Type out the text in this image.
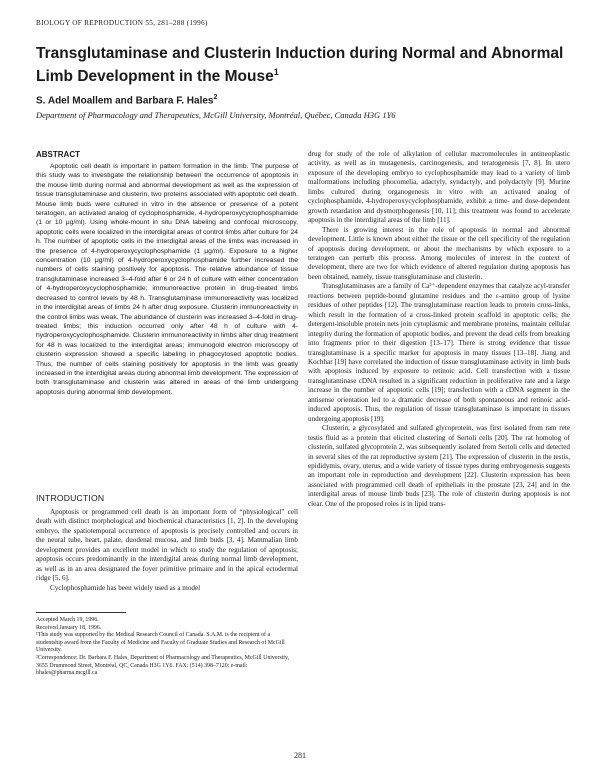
BIOLOGY OF REPRODUCTION 55, 281–288 (1996)
Transglutaminase and Clusterin Induction during Normal and Abnormal Limb Development in the Mouse$^1$
S. Adel Moallem and Barbara F. Hales$^2$
Department of Pharmacology and Therapeutics, McGill University, Montréal, Québec, Canada H3G 1Y6
ABSTRACT

Apoptotic cell death is important in pattern formation in the limb. The purpose of this study was to investigate the relationship between the occurrence of apoptosis in the mouse limb during normal and abnormal development as well as the expression of tissue transglutaminase and clusterin, two proteins associated with apoptotic cell death. Mouse limb buds were cultured in vitro in the absence or presence of a potent teratogen, an activated analog of cyclophosphamide, 4-hydroperoxycyclophosphamide (1 or 10 μg/ml). Using whole-mount in situ DNA labeling and confocal microscopy, apoptotic cells were localized in the interdigital areas of control limbs after culture for 24 h. The number of apoptotic cells in the interdigital areas of the limbs was increased in the presence of 4-hydroperoxycyclophosphamide (1 μg/ml). Exposure to a higher concentration (10 μg/ml) of 4-hydroperoxycyclophosphamide further increased the numbers of cells staining positively for apoptosis. The relative abundance of tissue transglutaminase increased 3–4-fold after 6 or 24 h of culture with either concentration of 4-hydroperoxycyclophosphamide; immunoreactive protein in drug-treated limbs decreased to control levels by 48 h. Transglutaminase immunoreactivity was localized in the interdigital areas of limbs 24 h after drug exposure. Clusterin immunoreactivity in the control limbs was weak. The abundance of clusterin was increased 3–4-fold in drug-treated limbs; this induction occurred only after 48 h of culture with 4-hydroperoxycyclophosphamide. Clusterin immunoreactivity in limbs after drug treatment for 48 h was localized to the interdigital areas; immunogold electron microscopy of clusterin expression showed a specific labeling in phagocytosed apoptotic bodies. Thus, the number of cells staining positively for apoptosis in the limb was greatly increased in the interdigital areas during abnormal limb development. The expression of both transglutaminase and clusterin was altered in areas of the limb undergoing apoptosis during abnormal limb development.

INTRODUCTION

Apoptosis or programmed cell death is an important form of “physiological” cell death with distinct morphological and biochemical characteristics [1, 2]. In the developing embryo, the spatiotemporal occurrence of apoptosis is precisely controlled and occurs in the neural tube, heart, palate, duodenal mucosa, and limb buds [3, 4]. Mammalian limb development provides an excellent model in which to study the regulation of apoptosis; apoptosis occurs predominantly in the interdigital areas during normal limb development, as well as in an area designated the foyer primitive primaire and in the apical ectodermal ridge [5, 6].

Cyclophosphamide has been widely used as a model

Accepted March 19, 1996.

Received January 18, 1996.

¹This study was supported by the Medical Research Council of Canada. S.A.M. is the recipient of a studentship award from the Faculty of Medicine and Faculty of Graduate Studies and Research of McGill University.

²Correspondence: Dr. Barbara F. Hales, Department of Pharmacology and Therapeutics, McGill University, 3655 Drummond Street, Montréal, QC, Canada H3G 1Y6. FAX: (514) 398–7120; e-mail: bhales@pharma.mcgill.ca

drug for study of the role of alkylation of cellular macromolecules in antineoplastic activity, as well as in mutagenesis, carcinogenesis, and teratogenesis [7, 8]. In utero exposure of the developing embryo to cyclophosphamide may lead to a variety of limb malformations including phocomelia, adactyly, syndactyly, and polydactyly [9]. Murine limbs cultured during organogenesis in vitro with an activated analog of cyclophosphamide, 4-hydroperoxycyclophosphamide, exhibit a time- and dose-dependent growth retardation and dysmorphogenesis [10, 11]; this treatment was found to accelerate apoptosis in the interdigital areas of the limb [11].

There is growing interest in the role of apoptosis in normal and abnormal development. Little is known about either the tissue or the cell specificity of the regulation of apoptosis during development, or about the mechanisms by which exposure to a teratogen can perturb this process. Among molecules of interest in the context of development, there are two for which evidence of altered regulation during apoptosis has been obtained, namely, tissue transglutaminase and clusterin.

Transglutaminases are a family of Ca²⁺-dependent enzymes that catalyze acyl-transfer reactions between peptide-bound glutamine residues and the ε-amino group of lysine residues of other peptides [12]. The transglutaminase reaction leads to protein cross-links, which result in the formation of a cross-linked protein scaffold in apoptotic cells; the detergent-insoluble protein nets join cytoplasmic and membrane proteins, maintain cellular integrity during the formation of apoptotic bodies, and prevent the dead cells from breaking into fragments prior to their digestion [13–17]. There is strong evidence that tissue transglutaminase is a specific marker for apoptosis in many tissues [13–18]. Jiang and Kochhar [19] have correlated the induction of tissue transglutaminase activity in limb buds with apoptosis induced by exposure to retinoic acid. Cell transfection with a tissue transglutaminase cDNA resulted in a significant reduction in proliferative rate and a large increase in the number of apoptotic cells [19]; transfection with a cDNA segment in the antisense orientation led to a dramatic decrease of both spontaneous and retinoic acid-induced apoptosis. Thus, the regulation of tissue transglutaminase is important in tissues undergoing apoptosis [19].

Clusterin, a glycosylated and sulfated glycoprotein, was first isolated from ram rete testis fluid as a protein that elicited clustering of Sertoli cells [20]. The rat homolog of clusterin, sulfated glycoprotein 2, was subsequently isolated from Sertoli cells and detected in several sites of the rat reproductive system [21]. The expression of clusterin in the testis, epididymis, ovary, uterus, and a wide variety of tissue types during embryogenesis suggests an important role in reproduction and development [22]. Clusterin expression has been associated with programmed cell death of epithelials in the prostate [23, 24] and in the interdigital areas of mouse limb buds [23]. The role of clusterin during apoptosis is not clear. One of the proposed roles is in lipid trans-

281
